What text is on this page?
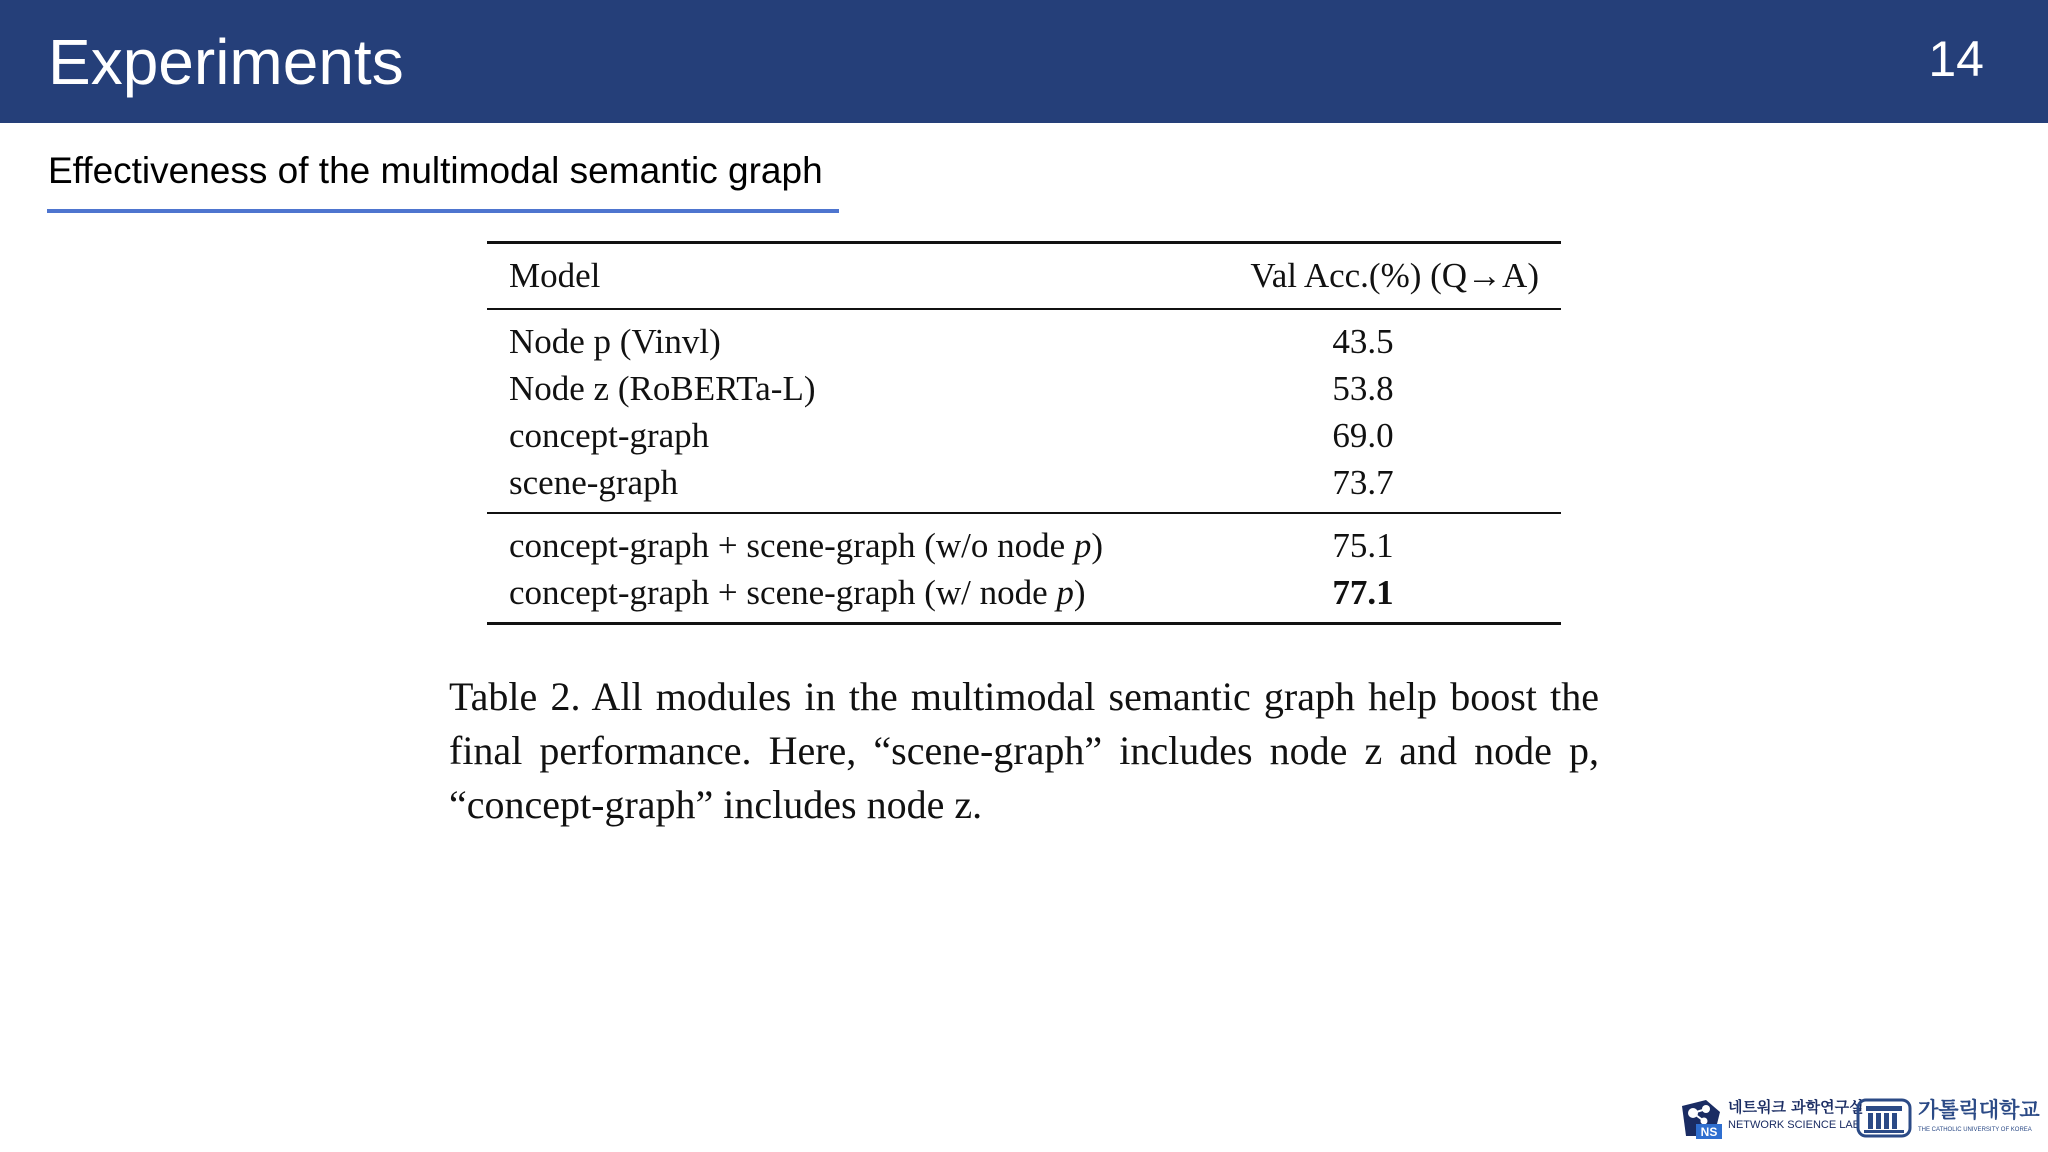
Experiments	14
Effectiveness of the multimodal semantic graph
Model	Val Acc.(%) (Q→A)
Node p (Vinvl)	43.5
Node z (RoBERTa-L)	53.8
concept-graph	69.0
scene-graph	73.7
concept-graph + scene-graph (w/o node p)	75.1
concept-graph + scene-graph (w/ node p)	77.1
Table 2. All modules in the multimodal semantic graph help boost the final performance. Here, “scene-graph” includes node z and node p, “concept-graph” includes node z.
NS
네트워크 과학연구실
NETWORK SCIENCE LAB
가톨릭대학교
THE CATHOLIC UNIVERSITY OF KOREA
